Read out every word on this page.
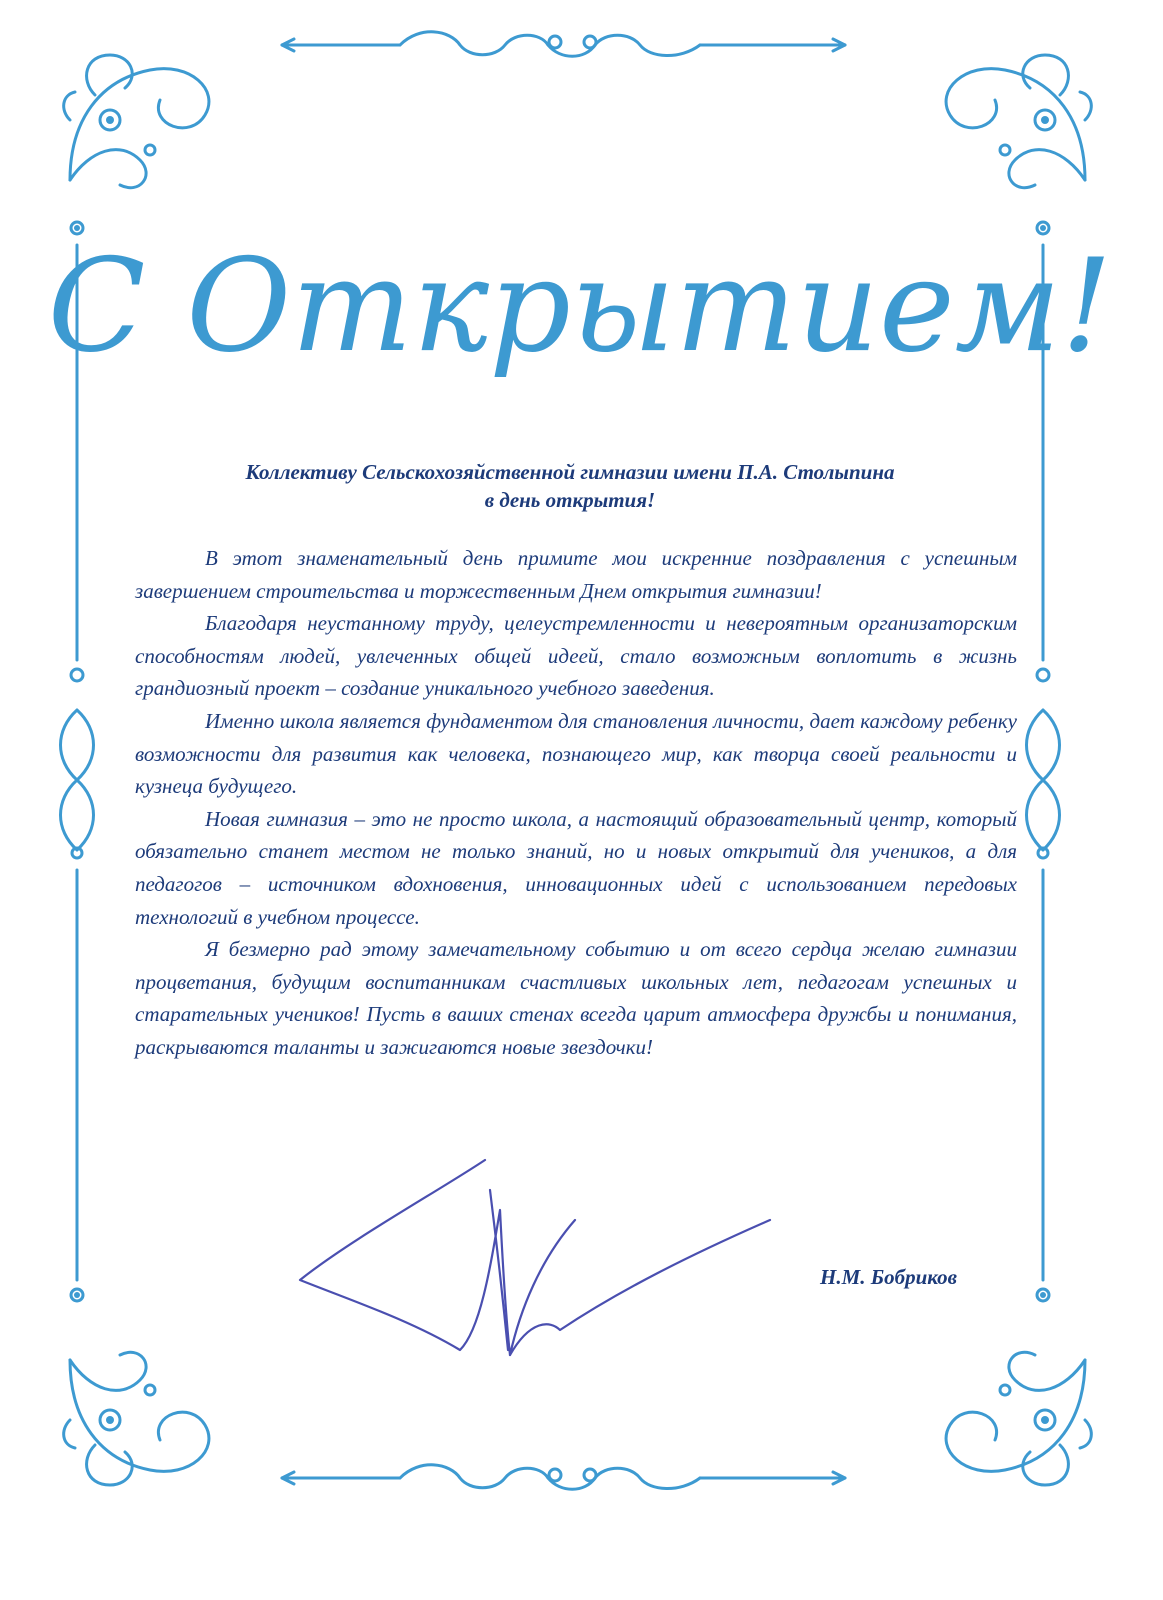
С Открытием!
Коллективу Сельскохозяйственной гимназии имени П.А. Столыпина
в день открытия!

В этот знаменательный день примите мои искренние поздравления с успешным завершением строительства и торжественным Днем открытия гимназии!

Благодаря неустанному труду, целеустремленности и невероятным организаторским способностям людей, увлеченных общей идеей, стало возможным воплотить в жизнь грандиозный проект – создание уникального учебного заведения.

Именно школа является фундаментом для становления личности, дает каждому ребенку возможности для развития как человека, познающего мир, как творца своей реальности и кузнеца будущего.

Новая гимназия – это не просто школа, а настоящий образовательный центр, который обязательно станет местом не только знаний, но и новых открытий для учеников, а для педагогов – источником вдохновения, инновационных идей с использованием передовых технологий в учебном процессе.

Я безмерно рад этому замечательному событию и от всего сердца желаю гимназии процветания, будущим воспитанникам счастливых школьных лет, педагогам успешных и старательных учеников! Пусть в ваших стенах всегда царит атмосфера дружбы и понимания, раскрываются таланты и зажигаются новые звездочки!

Н.М. Бобриков
